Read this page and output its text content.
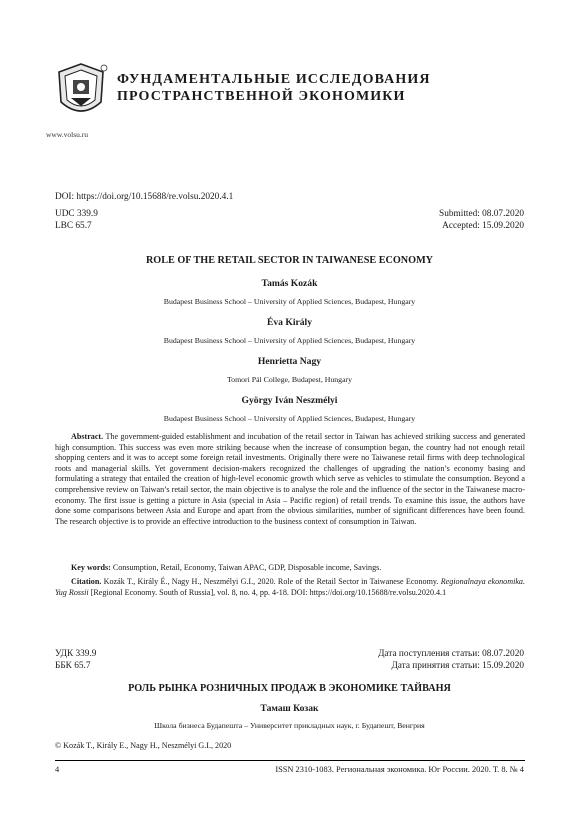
www.volsu.ru
ФУНДАМЕНТАЛЬНЫЕ ИССЛЕДОВАНИЯ
ПРОСТРАНСТВЕННОЙ ЭКОНОМИКИ
DOI: https://doi.org/10.15688/re.volsu.2020.4.1
UDC 339.9
LBC 65.7
Submitted: 08.07.2020
Accepted: 15.09.2020
ROLE OF THE RETAIL SECTOR IN TAIWANESE ECONOMY
Tamás Kozák
Budapest Business School – University of Applied Sciences, Budapest, Hungary
Éva Király
Budapest Business School – University of Applied Sciences, Budapest, Hungary
Henrietta Nagy
Tomori Pál College, Budapest, Hungary
György Iván Neszmélyi
Budapest Business School – University of Applied Sciences, Budapest, Hungary
Abstract. The government-guided establishment and incubation of the retail sector in Taiwan has achieved striking success and generated high consumption. This success was even more striking because when the increase of consumption began, the country had not enough retail shopping centers and it was to accept some foreign retail investments. Originally there were no Taiwanese retail firms with deep technological roots and managerial skills. Yet government decision-makers recognized the challenges of upgrading the nation’s economy basing and formulating a strategy that entailed the creation of high-level economic growth which serve as vehicles to stimulate the consumption. Beyond a comprehensive review on Taiwan’s retail sector, the main objective is to analyse the role and the influence of the sector in the Taiwanese macro-economy. The first issue is getting a picture in Asia (special in Asia – Pacific region) of retail trends. To examine this issue, the authors have done some comparisons between Asia and Europe and apart from the obvious similarities, number of significant differences have been found. The research objective is to provide an effective introduction to the business context of consumption in Taiwan.
Key words: Consumption, Retail, Economy, Taiwan APAC, GDP, Disposable income, Savings.
Citation. Kozák T., Király É., Nagy H., Neszmélyi G.I., 2020. Role of the Retail Sector in Taiwanese Economy. Regionalnaya ekonomika. Yug Rossii [Regional Economy. South of Russia], vol. 8, no. 4, pp. 4-18. DOI: https://doi.org/10.15688/re.volsu.2020.4.1
УДК 339.9
ББК 65.7
Дата поступления статьи: 08.07.2020
Дата принятия статьи: 15.09.2020
РОЛЬ РЫНКА РОЗНИЧНЫХ ПРОДАЖ В ЭКОНОМИКЕ ТАЙВАНЯ
Тамаш Козак
Школа бизнеса Будапешта – Университет прикладных наук, г. Будапешт, Венгрия
© Kozák T., Király E., Nagy H., Neszmélyi G.I., 2020
4	ISSN 2310-1083. Региональная экономика. Юг России. 2020. Т. 8. № 4
